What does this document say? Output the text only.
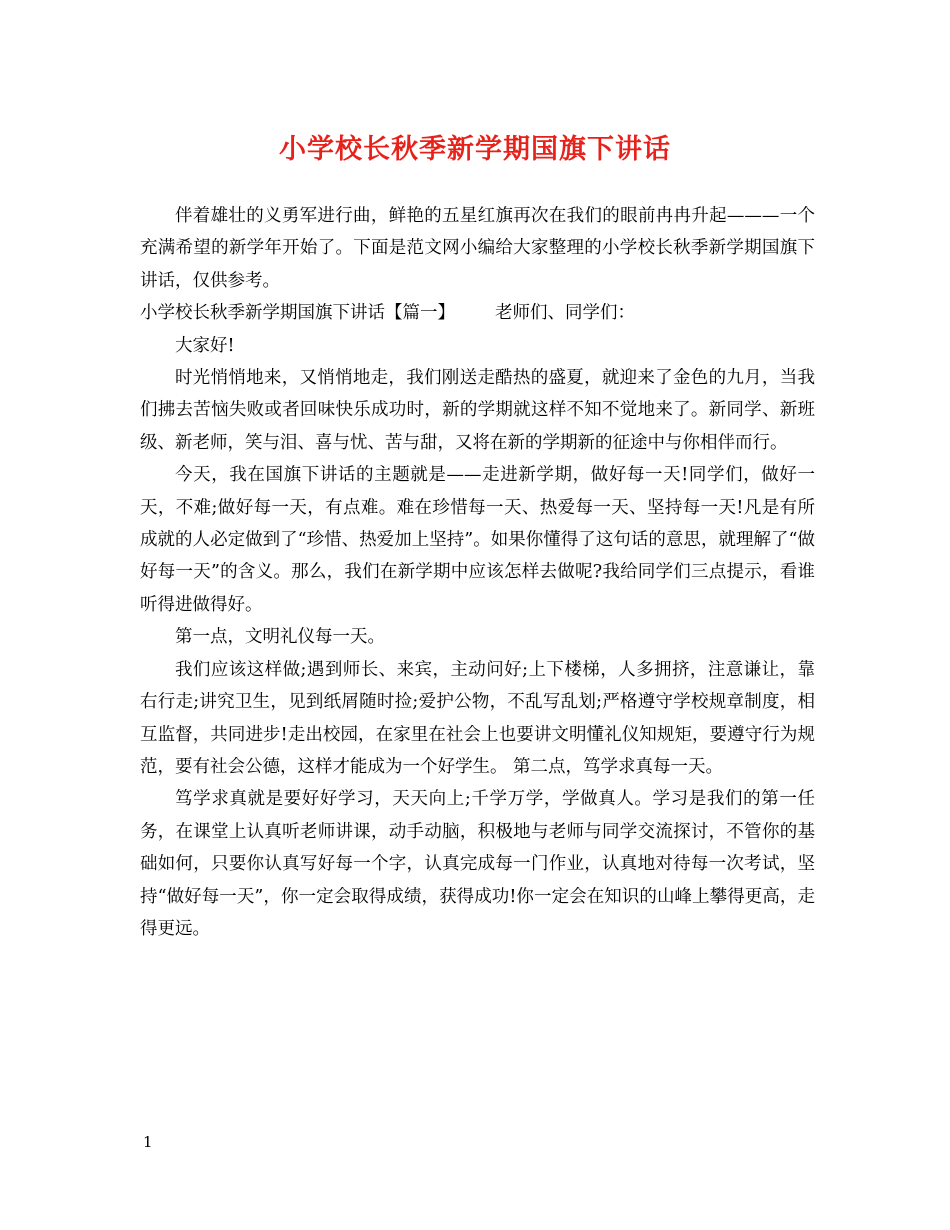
小学校长秋季新学期国旗下讲话

伴着雄壮的义勇军进行曲，鲜艳的五星红旗再次在我们的眼前冉冉升起———一个充满希望的新学年开始了。下面是范文网小编给大家整理的小学校长秋季新学期国旗下讲话，仅供参考。

小学校长秋季新学期国旗下讲话【篇一】 老师们、同学们：

大家好!

时光悄悄地来，又悄悄地走，我们刚送走酷热的盛夏，就迎来了金色的九月，当我们拂去苦恼失败或者回味快乐成功时，新的学期就这样不知不觉地来了。新同学、新班级、新老师，笑与泪、喜与忧、苦与甜，又将在新的学期新的征途中与你相伴而行。

今天，我在国旗下讲话的主题就是——走进新学期，做好每一天!同学们，做好一天，不难;做好每一天，有点难。难在珍惜每一天、热爱每一天、坚持每一天!凡是有所成就的人必定做到了“珍惜、热爱加上坚持”。如果你懂得了这句话的意思，就理解了“做好每一天”的含义。那么，我们在新学期中应该怎样去做呢?我给同学们三点提示，看谁听得进做得好。

第一点，文明礼仪每一天。

我们应该这样做;遇到师长、来宾，主动问好;上下楼梯，人多拥挤，注意谦让，靠右行走;讲究卫生，见到纸屑随时捡;爱护公物，不乱写乱划;严格遵守学校规章制度，相互监督，共同进步!走出校园，在家里在社会上也要讲文明懂礼仪知规矩，要遵守行为规范，要有社会公德，这样才能成为一个好学生。 第二点，笃学求真每一天。

笃学求真就是要好好学习，天天向上;千学万学，学做真人。学习是我们的第一任务，在课堂上认真听老师讲课，动手动脑，积极地与老师与同学交流探讨，不管你的基础如何，只要你认真写好每一个字，认真完成每一门作业，认真地对待每一次考试，坚持“做好每一天”，你一定会取得成绩，获得成功!你一定会在知识的山峰上攀得更高，走得更远。

1
